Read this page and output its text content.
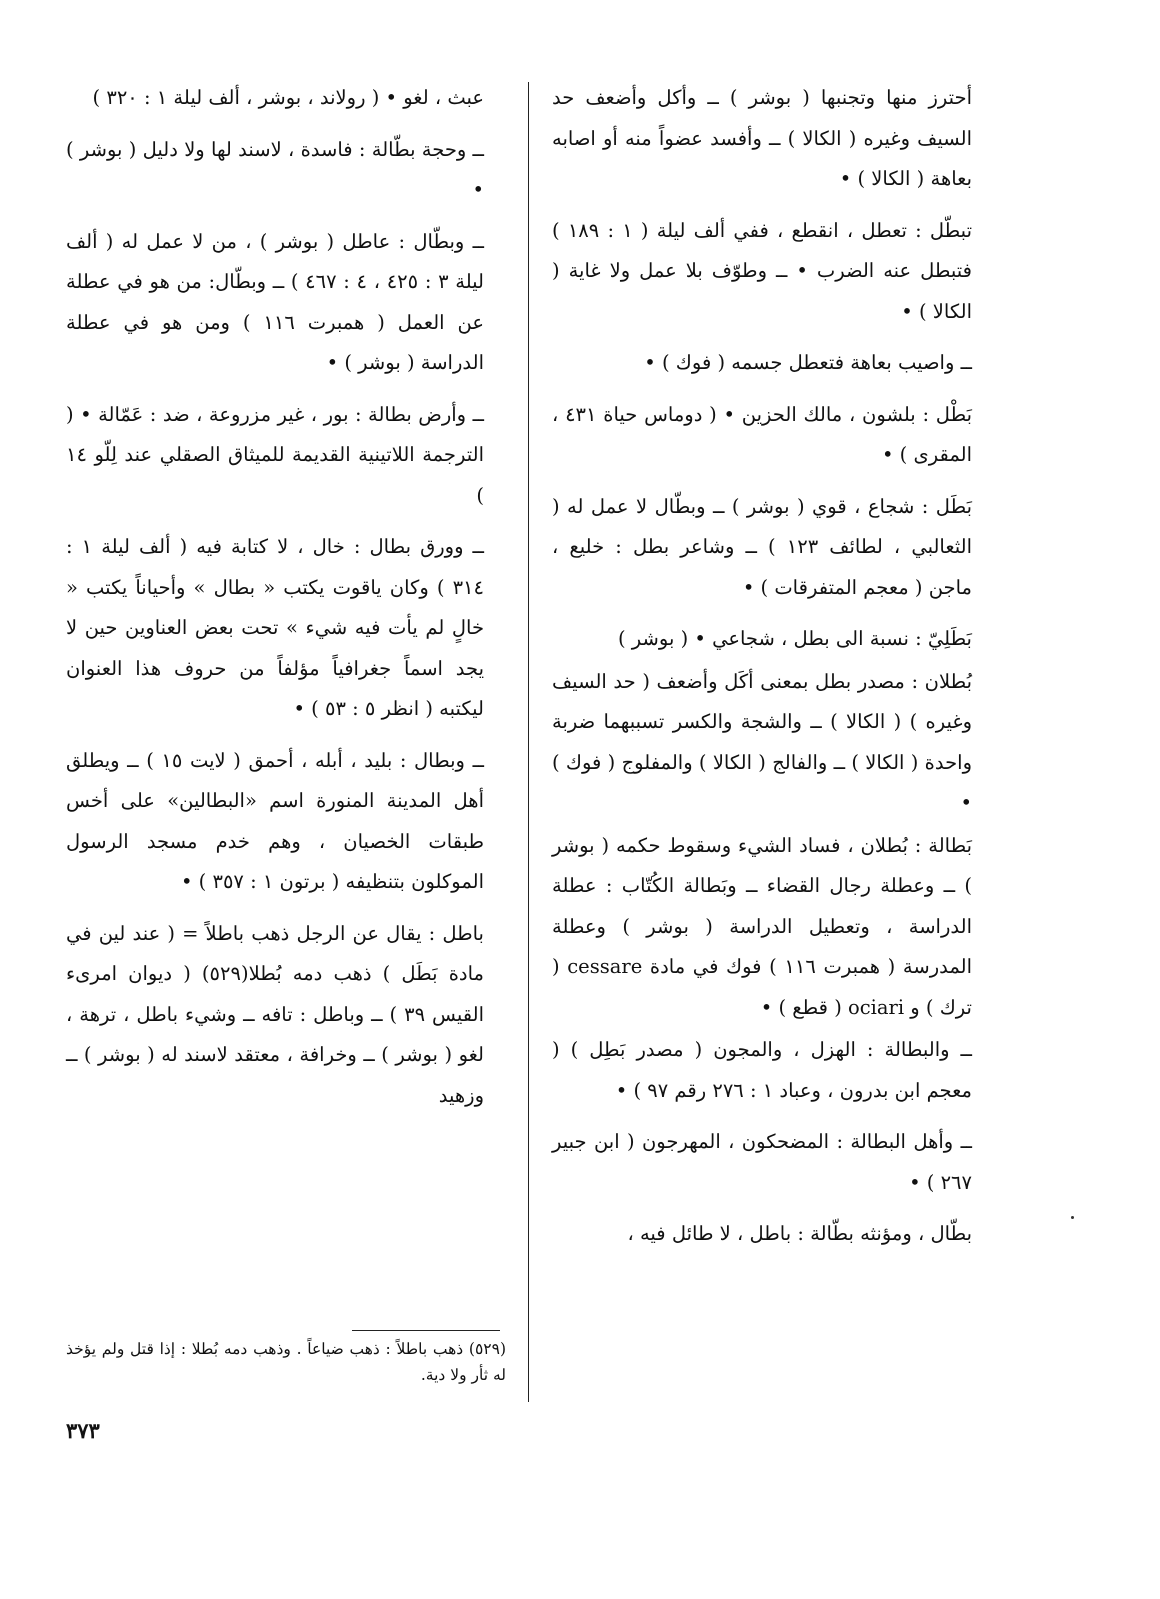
أحترز منها وتجنبها ( بوشر ) ــ وأكل وأضعف حد السيف وغيره ( الكالا ) ــ وأفسد عضواً منه أو اصابه بعاهة ( الكالا ) •

تبطّل : تعطل ، انقطع ، ففي ألف ليلة ( ١ : ١٨٩ ) فتبطل عنه الضرب • ــ وطوّف بلا عمل ولا غاية ( الكالا ) •

ــ واصيب بعاهة فتعطل جسمه ( فوك ) •

بَطْل : بلشون ، مالك الحزين • ( دوماس حياة ٤٣١ ، المقرى ) •

بَطَل : شجاع ، قوي ( بوشر ) ــ وبطّال لا عمل له ( الثعالبي ، لطائف ١٢٣ ) ــ وشاعر بطل : خليع ، ماجن ( معجم المتفرقات ) •

بَطَلِيّ : نسبة الى بطل ، شجاعي • ( بوشر )

بُطلان : مصدر بطل بمعنى أكَل وأضعف ( حد السيف وغيره ) ( الكالا ) ــ والشجة والكسر تسببهما ضربة واحدة ( الكالا ) ــ والفالج ( الكالا ) والمفلوج ( فوك ) •

بَطالة : بُطلان ، فساد الشيء وسقوط حكمه ( بوشر ) ــ وعطلة رجال القضاء ــ وبَطالة الكُتّاب : عطلة الدراسة ، وتعطيل الدراسة ( بوشر ) وعطلة المدرسة ( همبرت ١١٦ ) فوك في مادة cessare ( ترك ) و ociari ( قطع ) •

ــ والبطالة : الهزل ، والمجون ( مصدر بَطِل ) ( معجم ابن بدرون ، وعباد ١ : ٢٧٦ رقم ٩٧ ) •

ــ وأهل البطالة : المضحكون ، المهرجون ( ابن جبير ٢٦٧ ) •

بطّال ، ومؤنثه بطّالة : باطل ، لا طائل فيه ،

عبث ، لغو • ( رولاند ، بوشر ، ألف ليلة ١ : ٣٢٠ )

ــ وحجة بطّالة : فاسدة ، لاسند لها ولا دليل ( بوشر ) •

ــ وبطّال : عاطل ( بوشر ) ، من لا عمل له ( ألف ليلة ٣ : ٤٢٥ ، ٤ : ٤٦٧ ) ــ وبطّال: من هو في عطلة عن العمل ( همبرت ١١٦ ) ومن هو في عطلة الدراسة ( بوشر ) •

ــ وأرض بطالة : بور ، غير مزروعة ، ضد : عَمّالة • ( الترجمة اللاتينية القديمة للميثاق الصقلي عند لِلّو ١٤ )

ــ وورق بطال : خال ، لا كتابة فيه ( ألف ليلة ١ : ٣١٤ ) وكان ياقوت يكتب « بطال » وأحياناً يكتب « خالٍ لم يأت فيه شيء » تحت بعض العناوين حين لا يجد اسماً جغرافياً مؤلفاً من حروف هذا العنوان ليكتبه ( انظر ٥ : ٥٣ ) •

ــ وبطال : بليد ، أبله ، أحمق ( لايت ١٥ ) ــ ويطلق أهل المدينة المنورة اسم «البطالين» على أخس طبقات الخصيان ، وهم خدم مسجد الرسول الموكلون بتنظيفه ( برتون ١ : ٣٥٧ ) •

باطل : يقال عن الرجل ذهب باطلاً = ( عند لين في مادة بَطَل ) ذهب دمه بُطلا(٥٢٩) ( ديوان امرىء القيس ٣٩ ) ــ وباطل : تافه ــ وشيء باطل ، ترهة ، لغو ( بوشر ) ــ وخرافة ، معتقد لاسند له ( بوشر ) ــ وزهيد

(٥٢٩) ذهب باطلاً : ذهب ضياعاً . وذهب دمه بُطلا : إذا قتل ولم يؤخذ له ثأر ولا دية.
٣٧٣
